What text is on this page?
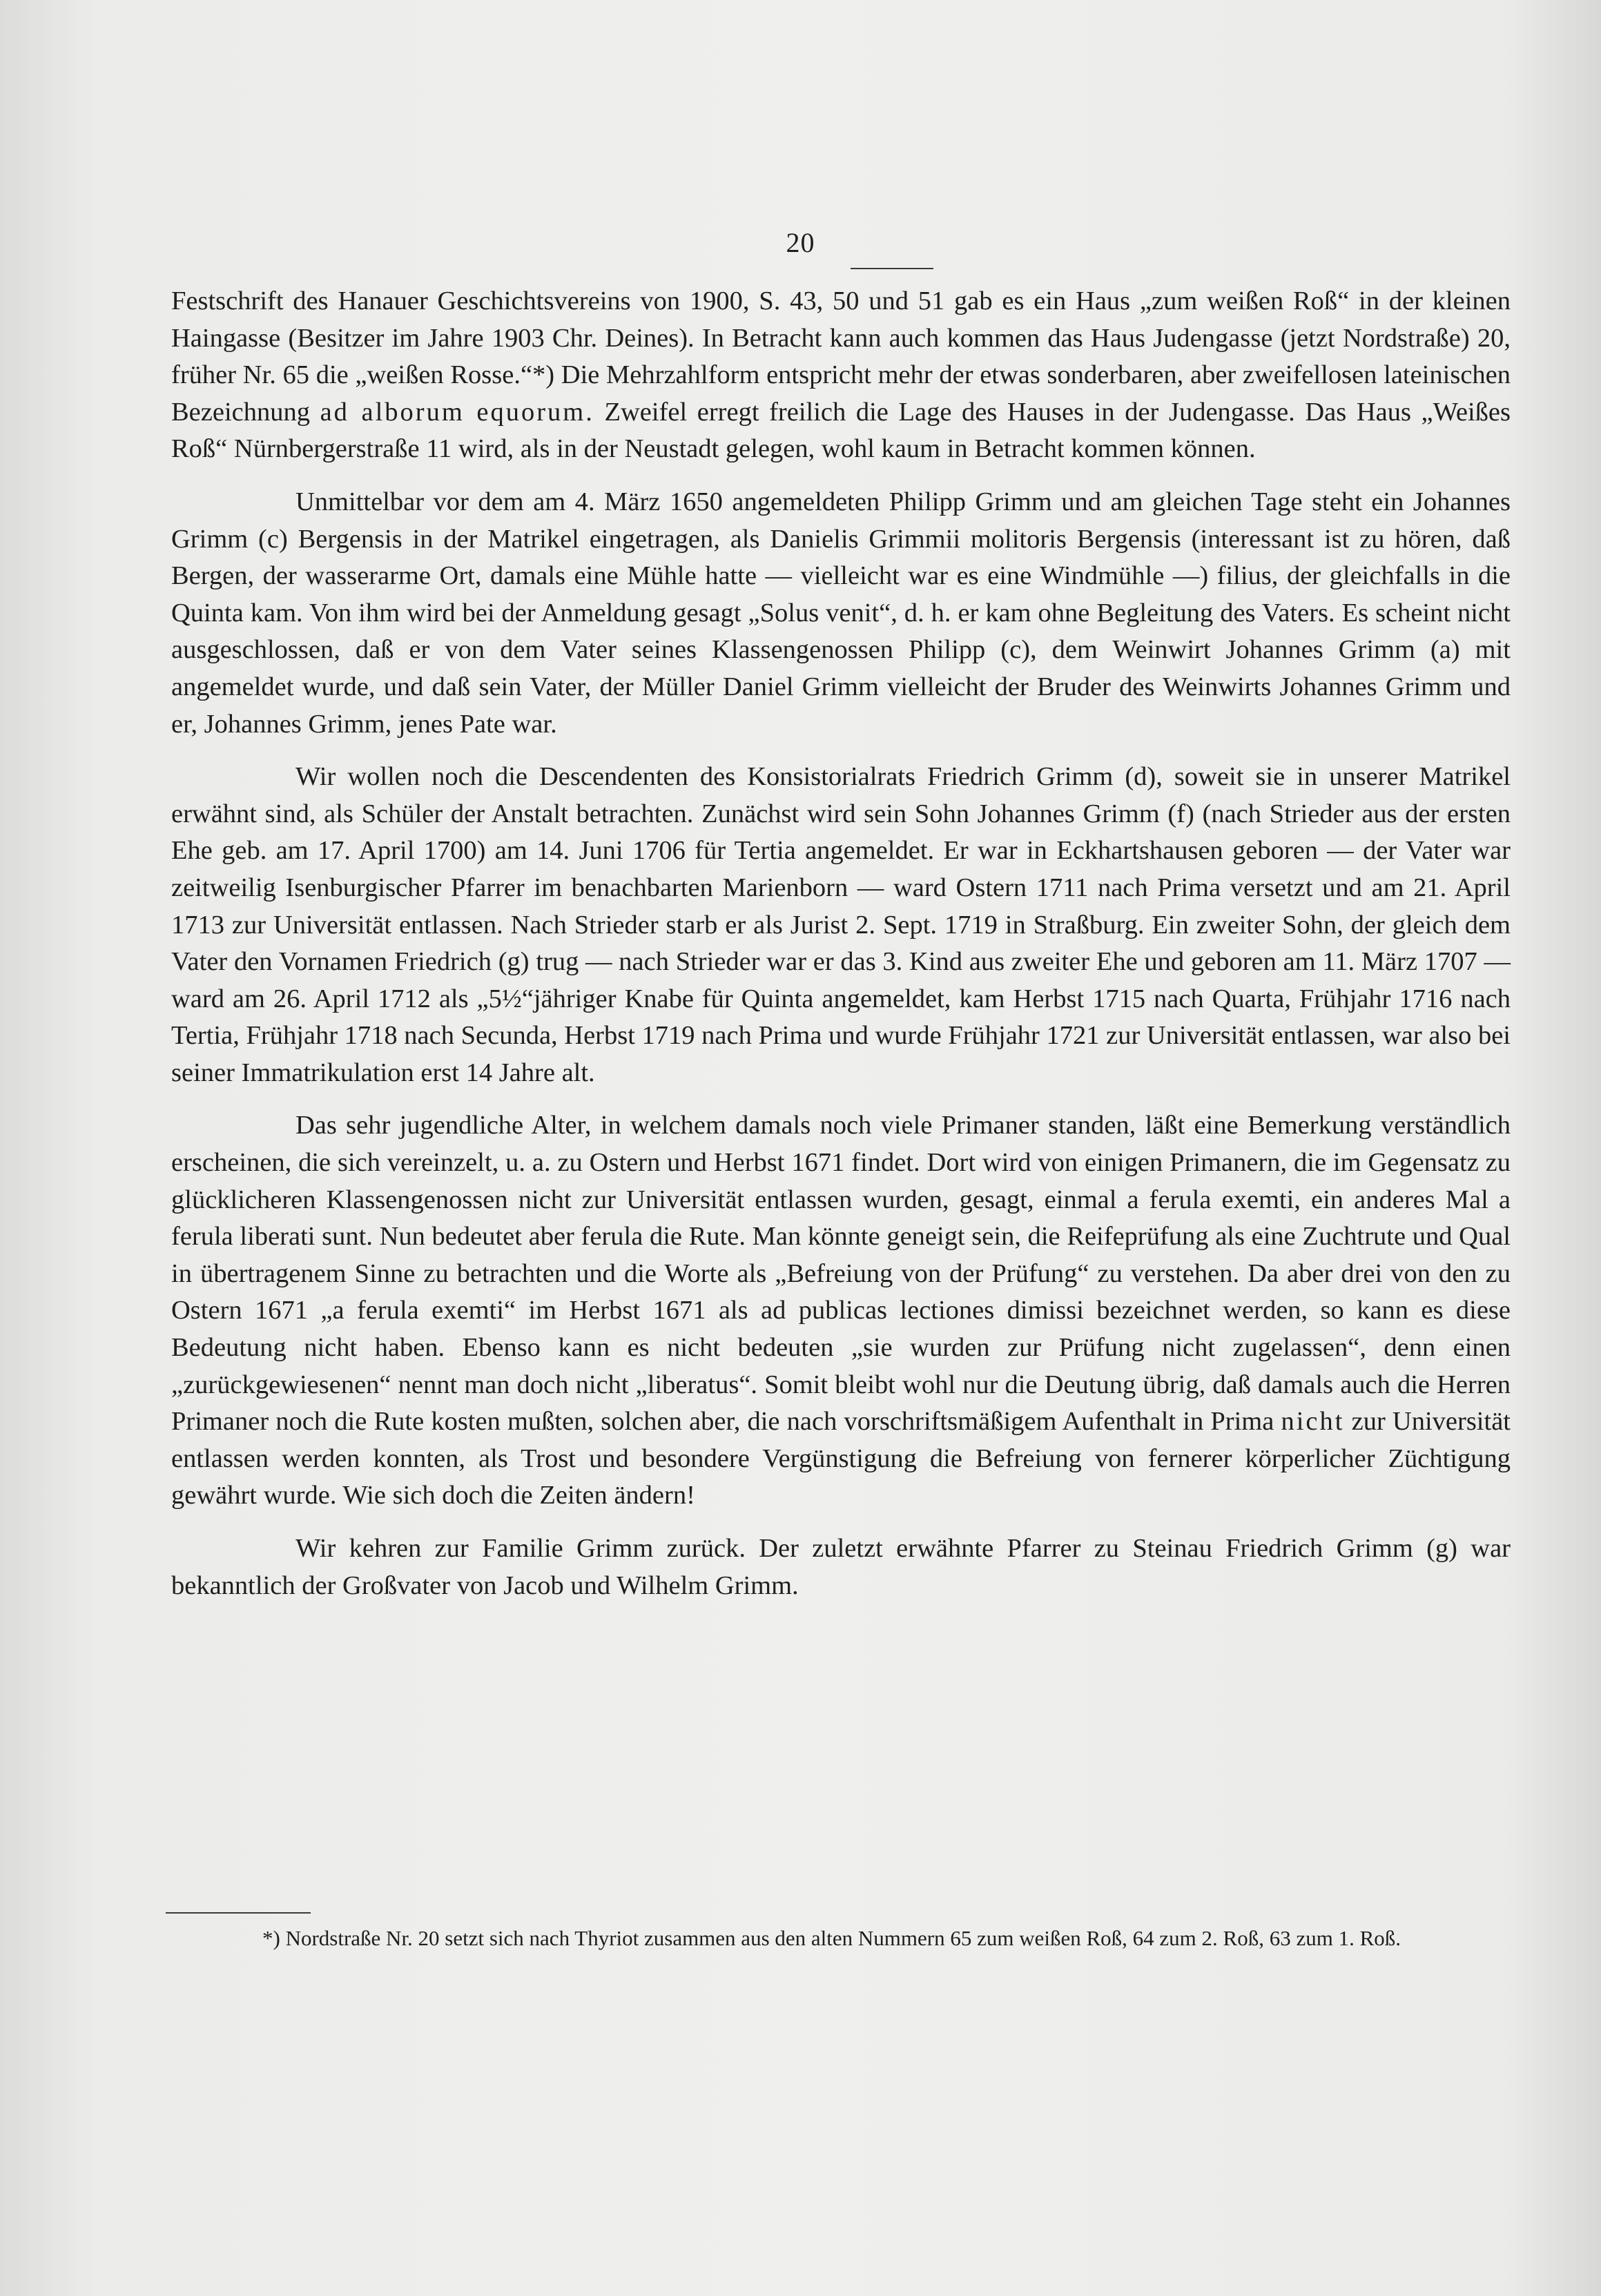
20

Festschrift des Hanauer Geschichtsvereins von 1900, S. 43, 50 und 51 gab es ein Haus „zum weißen Roß“ in der kleinen Haingasse (Besitzer im Jahre 1903 Chr. Deines). In Betracht kann auch kommen das Haus Judengasse (jetzt Nordstraße) 20, früher Nr. 65 die „weißen Rosse.“*) Die Mehrzahlform entspricht mehr der etwas sonderbaren, aber zweifellosen lateinischen Bezeichnung ad alborum equorum. Zweifel erregt freilich die Lage des Hauses in der Judengasse. Das Haus „Weißes Roß“ Nürnbergerstraße 11 wird, als in der Neustadt gelegen, wohl kaum in Betracht kommen können.

Unmittelbar vor dem am 4. März 1650 angemeldeten Philipp Grimm und am gleichen Tage steht ein Johannes Grimm (c) Bergensis in der Matrikel eingetragen, als Danielis Grimmii molitoris Bergensis (interessant ist zu hören, daß Bergen, der wasserarme Ort, damals eine Mühle hatte — vielleicht war es eine Windmühle —) filius, der gleichfalls in die Quinta kam. Von ihm wird bei der Anmeldung gesagt „Solus venit“, d. h. er kam ohne Begleitung des Vaters. Es scheint nicht ausgeschlossen, daß er von dem Vater seines Klassengenossen Philipp (c), dem Weinwirt Johannes Grimm (a) mit angemeldet wurde, und daß sein Vater, der Müller Daniel Grimm vielleicht der Bruder des Weinwirts Johannes Grimm und er, Johannes Grimm, jenes Pate war.

Wir wollen noch die Descendenten des Konsistorialrats Friedrich Grimm (d), soweit sie in unserer Matrikel erwähnt sind, als Schüler der Anstalt betrachten. Zunächst wird sein Sohn Johannes Grimm (f) (nach Strieder aus der ersten Ehe geb. am 17. April 1700) am 14. Juni 1706 für Tertia angemeldet. Er war in Eckhartshausen geboren — der Vater war zeitweilig Isenburgischer Pfarrer im benachbarten Marienborn — ward Ostern 1711 nach Prima versetzt und am 21. April 1713 zur Universität entlassen. Nach Strieder starb er als Jurist 2. Sept. 1719 in Straßburg. Ein zweiter Sohn, der gleich dem Vater den Vornamen Friedrich (g) trug — nach Strieder war er das 3. Kind aus zweiter Ehe und geboren am 11. März 1707 — ward am 26. April 1712 als „5½“jähriger Knabe für Quinta angemeldet, kam Herbst 1715 nach Quarta, Frühjahr 1716 nach Tertia, Frühjahr 1718 nach Secunda, Herbst 1719 nach Prima und wurde Frühjahr 1721 zur Universität entlassen, war also bei seiner Immatrikulation erst 14 Jahre alt.

Das sehr jugendliche Alter, in welchem damals noch viele Primaner standen, läßt eine Bemerkung verständlich erscheinen, die sich vereinzelt, u. a. zu Ostern und Herbst 1671 findet. Dort wird von einigen Primanern, die im Gegensatz zu glücklicheren Klassengenossen nicht zur Universität entlassen wurden, gesagt, einmal a ferula exemti, ein anderes Mal a ferula liberati sunt. Nun bedeutet aber ferula die Rute. Man könnte geneigt sein, die Reifeprüfung als eine Zuchtrute und Qual in übertragenem Sinne zu betrachten und die Worte als „Befreiung von der Prüfung“ zu verstehen. Da aber drei von den zu Ostern 1671 „a ferula exemti“ im Herbst 1671 als ad publicas lectiones dimissi bezeichnet werden, so kann es diese Bedeutung nicht haben. Ebenso kann es nicht bedeuten „sie wurden zur Prüfung nicht zugelassen“, denn einen „zurückgewiesenen“ nennt man doch nicht „liberatus“. Somit bleibt wohl nur die Deutung übrig, daß damals auch die Herren Primaner noch die Rute kosten mußten, solchen aber, die nach vorschriftsmäßigem Aufenthalt in Prima nicht zur Universität entlassen werden konnten, als Trost und besondere Vergünstigung die Befreiung von fernerer körperlicher Züchtigung gewährt wurde. Wie sich doch die Zeiten ändern!

Wir kehren zur Familie Grimm zurück. Der zuletzt erwähnte Pfarrer zu Steinau Friedrich Grimm (g) war bekanntlich der Großvater von Jacob und Wilhelm Grimm.

*) Nordstraße Nr. 20 setzt sich nach Thyriot zusammen aus den alten Nummern 65 zum weißen Roß, 64 zum 2. Roß, 63 zum 1. Roß.
